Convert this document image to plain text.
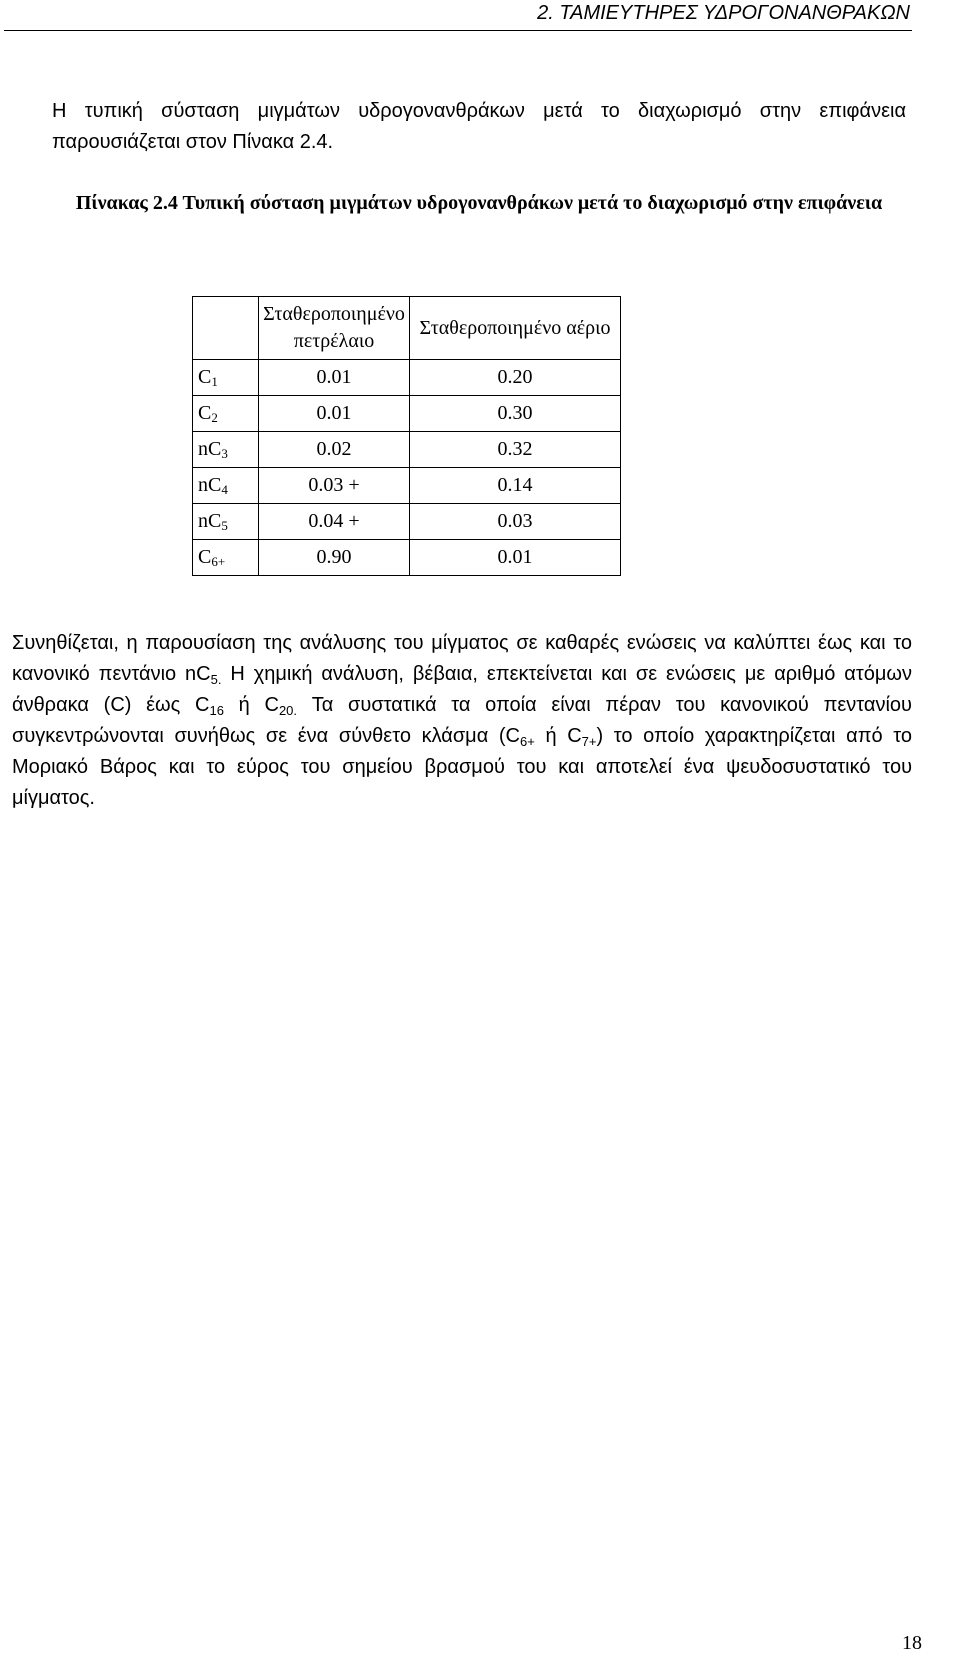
2. ΤΑΜΙΕΥΤΗΡΕΣ ΥΔΡΟΓΟΝΑΝΘΡΑΚΩΝ

Η τυπική σύσταση μιγμάτων υδρογονανθράκων μετά το διαχωρισμό στην επιφάνεια παρουσιάζεται στον Πίνακα 2.4.

Πίνακας 2.4 Τυπική σύσταση μιγμάτων υδρογονανθράκων μετά το διαχωρισμό στην επιφάνεια

	Σταθεροποιημένο πετρέλαιο	Σταθεροποιημένο αέριο
$C_1$	0.01	0.20
$C_2$	0.01	0.30
$nC_3$	0.02	0.32
$nC_4$	0.03 +	0.14
$nC_5$	0.04 +	0.03
$C_{6+}$	0.90	0.01

Συνηθίζεται, η παρουσίαση της ανάλυσης του μίγματος σε καθαρές ενώσεις να καλύπτει έως και το κανονικό πεντάνιο $nC_{5.}$ Η χημική ανάλυση, βέβαια, επεκτείνεται και σε ενώσεις με αριθμό ατόμων άνθρακα (C) έως $C_{16}$ ή $C_{20.}$ Τα συστατικά τα οποία είναι πέραν του κανονικού πεντανίου συγκεντρώνονται συνήθως σε ένα σύνθετο κλάσμα ($C_{6+}$ ή $C_{7+}$) το οποίο χαρακτηρίζεται από το Μοριακό Βάρος και το εύρος του σημείου βρασμού του και αποτελεί ένα ψευδοσυστατικό του μίγματος.

18
